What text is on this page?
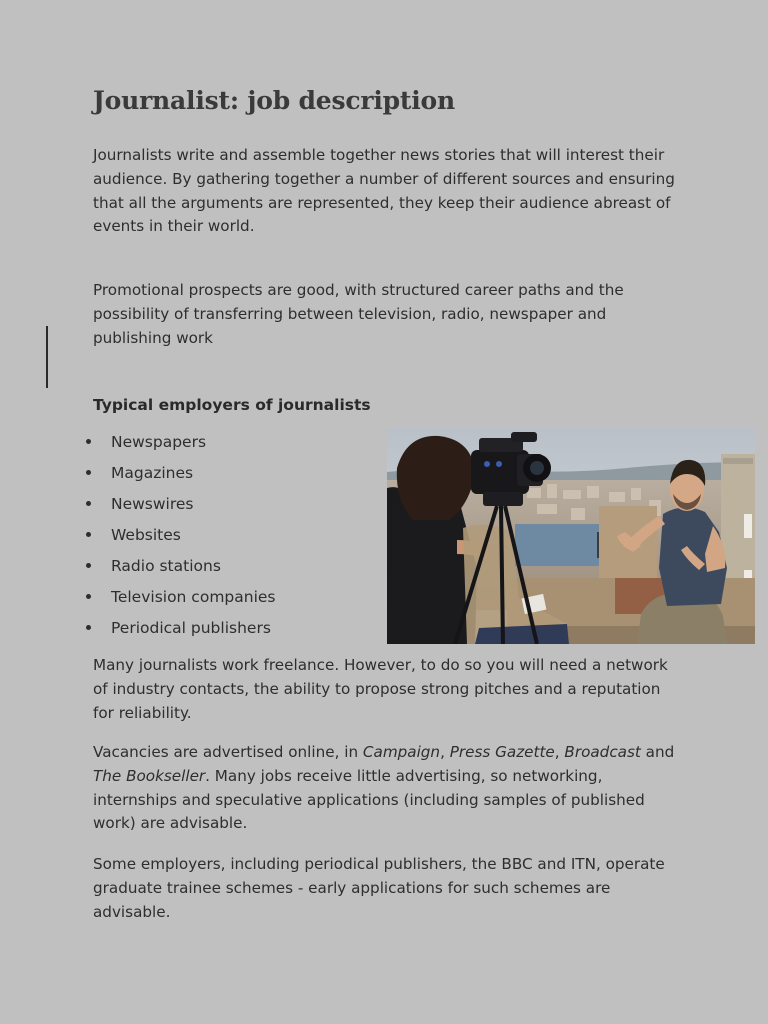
Journalist: job description

Journalists write and assemble together news stories that will interest their audience. By gathering together a number of different sources and ensuring that all the arguments are represented, they keep their audience abreast of events in their world.

Promotional prospects are good, with structured career paths and the possibility of transferring between television, radio, newspaper and publishing work

Typical employers of journalists
Newspapers
Magazines
Newswires
Websites
Radio stations
Television companies
Periodical publishers

Many journalists work freelance. However, to do so you will need a network of industry contacts, the ability to propose strong pitches and a reputation for reliability.

Vacancies are advertised online, in Campaign, Press Gazette, Broadcast and The Bookseller. Many jobs receive little advertising, so networking, internships and speculative applications (including samples of published work) are advisable.

Some employers, including periodical publishers, the BBC and ITN, operate graduate trainee schemes - early applications for such schemes are advisable.
